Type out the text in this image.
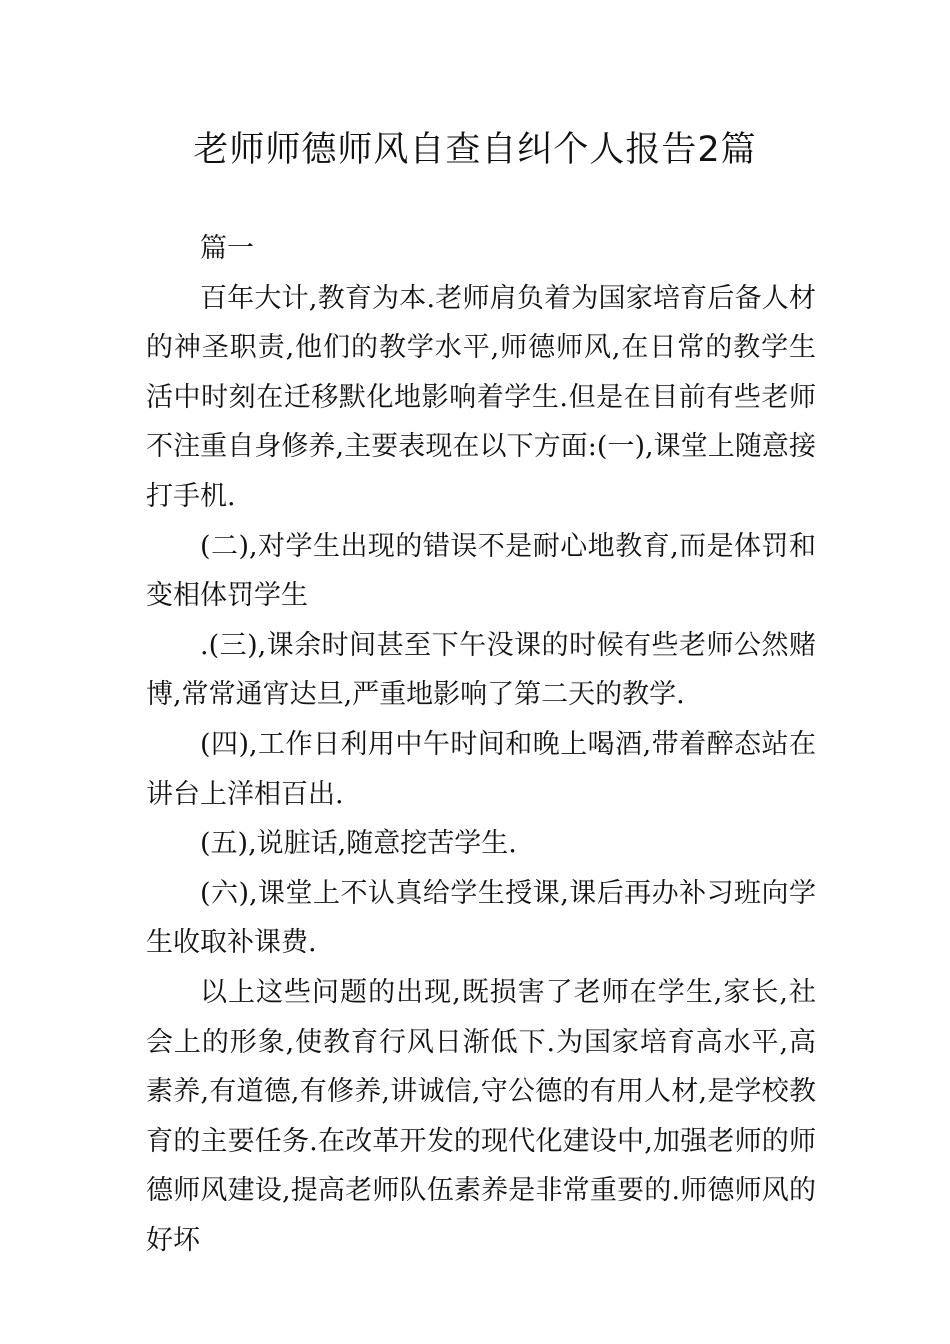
老师师德师风自查自纠个人报告2篇

篇一

百年大计,教育为本.老师肩负着为国家培育后备人材的神圣职责,他们的教学水平,师德师风,在日常的教学生活中时刻在迁移默化地影响着学生.但是在目前有些老师不注重自身修养,主要表现在以下方面:(一),课堂上随意接打手机.

(二),对学生出现的错误不是耐心地教育,而是体罚和变相体罚学生

.(三),课余时间甚至下午没课的时候有些老师公然赌博,常常通宵达旦,严重地影响了第二天的教学.

(四),工作日利用中午时间和晚上喝酒,带着醉态站在讲台上洋相百出.

(五),说脏话,随意挖苦学生.

(六),课堂上不认真给学生授课,课后再办补习班向学生收取补课费.

以上这些问题的出现,既损害了老师在学生,家长,社会上的形象,使教育行风日渐低下.为国家培育高水平,高素养,有道德,有修养,讲诚信,守公德的有用人材,是学校教育的主要任务.在改革开发的现代化建设中,加强老师的师德师风建设,提高老师队伍素养是非常重要的.师德师风的好坏
